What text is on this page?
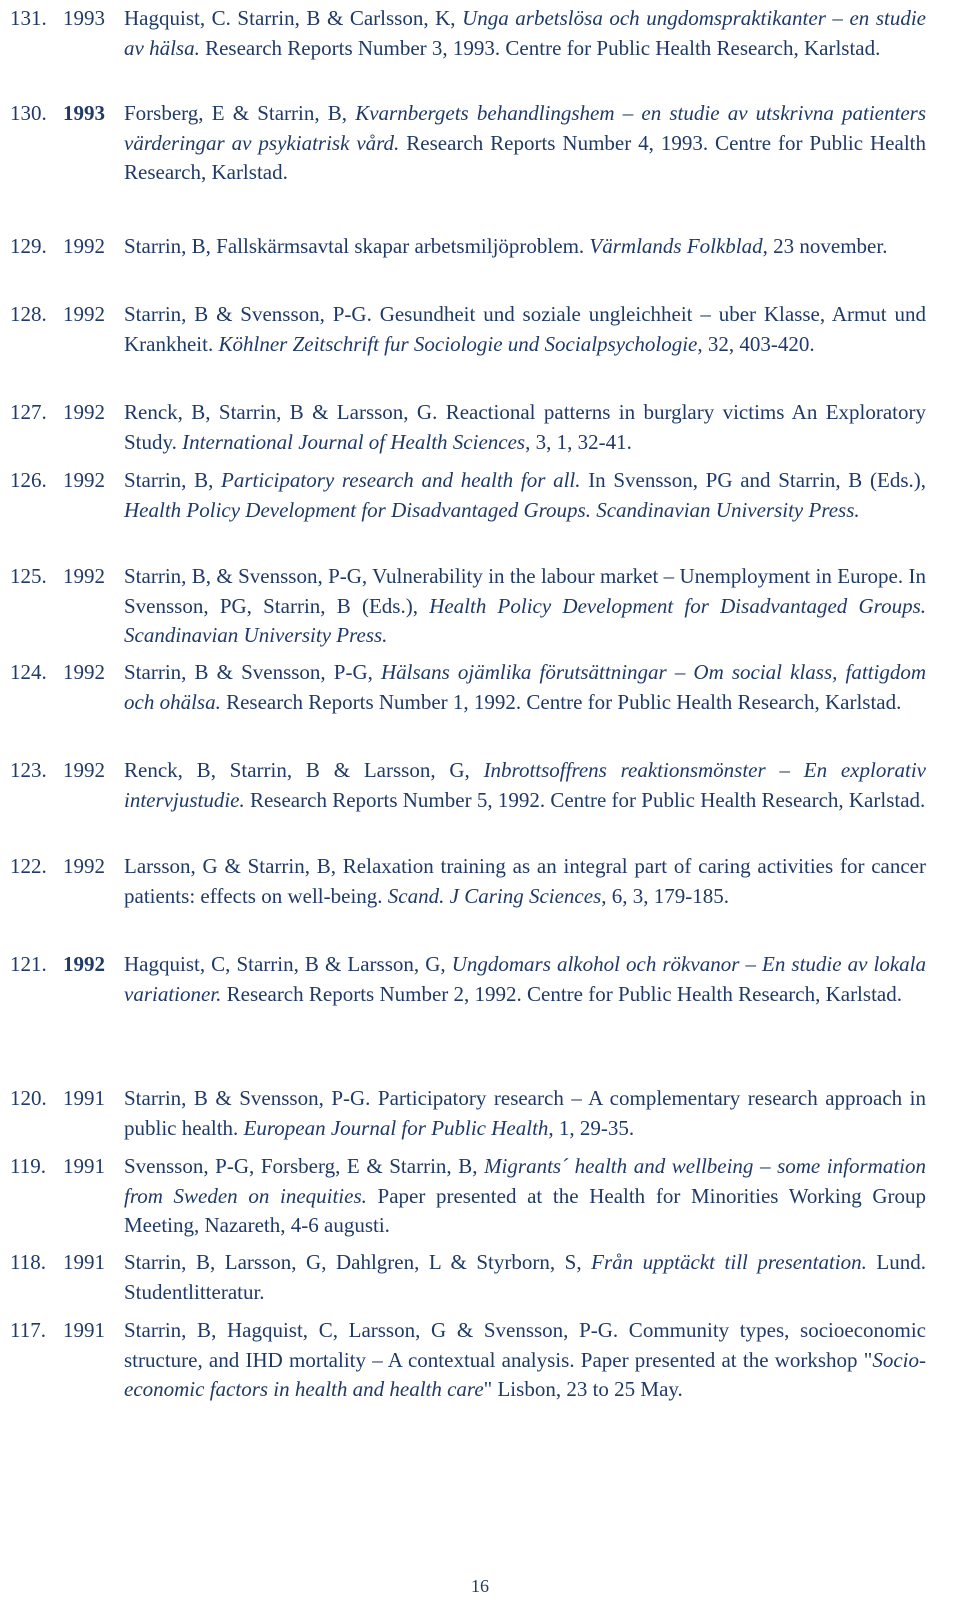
131. 1993 Hagquist, C. Starrin, B & Carlsson, K, Unga arbetslösa och ungdomspraktikanter – en studie av hälsa. Research Reports Number 3, 1993. Centre for Public Health Research, Karlstad.
130. 1993 Forsberg, E & Starrin, B, Kvarnbergets behandlingshem – en studie av utskrivna patienters värderingar av psykiatrisk vård. Research Reports Number 4, 1993. Centre for Public Health Research, Karlstad.
129. 1992 Starrin, B, Fallskärmsavtal skapar arbetsmiljöproblem. Värmlands Folkblad, 23 november.
128. 1992 Starrin, B & Svensson, P-G. Gesundheit und soziale ungleichheit – uber Klasse, Armut und Krankheit. Köhlner Zeitschrift fur Sociologie und Socialpsychologie, 32, 403-420.
127. 1992 Renck, B, Starrin, B & Larsson, G. Reactional patterns in burglary victims An Exploratory Study. International Journal of Health Sciences, 3, 1, 32-41.
126. 1992 Starrin, B, Participatory research and health for all. In Svensson, PG and Starrin, B (Eds.), Health Policy Development for Disadvantaged Groups. Scandinavian University Press.
125. 1992 Starrin, B, & Svensson, P-G, Vulnerability in the labour market – Unemployment in Europe. In Svensson, PG, Starrin, B (Eds.), Health Policy Development for Disadvantaged Groups. Scandinavian University Press.
124. 1992 Starrin, B & Svensson, P-G, Hälsans ojämlika förutsättningar – Om social klass, fattigdom och ohälsa. Research Reports Number 1, 1992. Centre for Public Health Research, Karlstad.
123. 1992 Renck, B, Starrin, B & Larsson, G, Inbrottsoffrens reaktionsmönster – En explorativ intervjustudie. Research Reports Number 5, 1992. Centre for Public Health Research, Karlstad.
122. 1992 Larsson, G & Starrin, B, Relaxation training as an integral part of caring activities for cancer patients: effects on well-being. Scand. J Caring Sciences, 6, 3, 179-185.
121. 1992 Hagquist, C, Starrin, B & Larsson, G, Ungdomars alkohol och rökvanor – En studie av lokala variationer. Research Reports Number 2, 1992. Centre for Public Health Research, Karlstad.
120. 1991 Starrin, B & Svensson, P-G. Participatory research – A complementary research approach in public health. European Journal for Public Health, 1, 29-35.
119. 1991 Svensson, P-G, Forsberg, E & Starrin, B, Migrants´ health and wellbeing – some information from Sweden on inequities. Paper presented at the Health for Minorities Working Group Meeting, Nazareth, 4-6 augusti.
118. 1991 Starrin, B, Larsson, G, Dahlgren, L & Styrborn, S, Från upptäckt till presentation. Lund. Studentlitteratur.
117. 1991 Starrin, B, Hagquist, C, Larsson, G & Svensson, P-G. Community types, socioeconomic structure, and IHD mortality – A contextual analysis. Paper presented at the workshop "Socio-economic factors in health and health care" Lisbon, 23 to 25 May.
16
